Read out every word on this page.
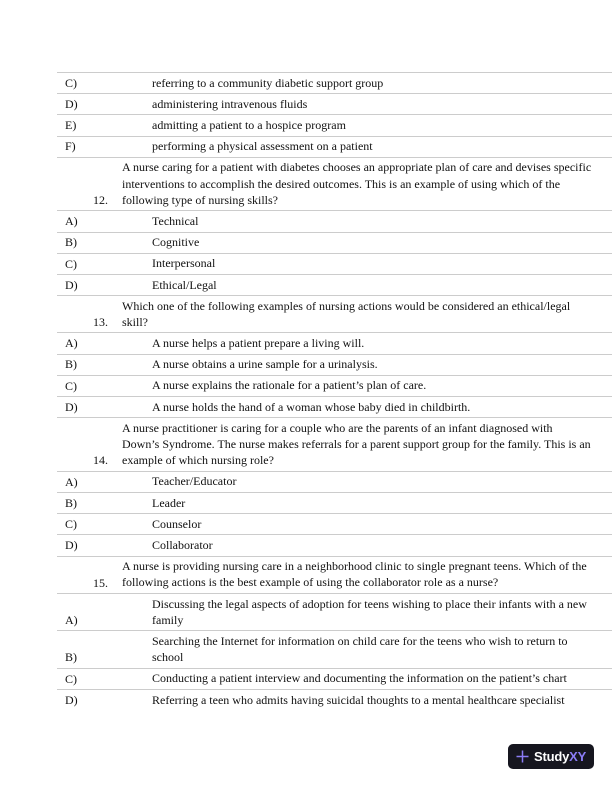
C)	referring to a community diabetic support group

D)	administering intravenous fluids

E)	admitting a patient to a hospice program

F)	performing a physical assessment on a patient

12.	A nurse caring for a patient with diabetes chooses an appropriate plan of care and devises specific
interventions to accomplish the desired outcomes. This is an example of using which of the
following type of nursing skills?

A)	Technical

B)	Cognitive

C)	Interpersonal

D)	Ethical/Legal

13.	Which one of the following examples of nursing actions would be considered an ethical/legal
skill?

A)	A nurse helps a patient prepare a living will.

B)	A nurse obtains a urine sample for a urinalysis.

C)	A nurse explains the rationale for a patient’s plan of care.

D)	A nurse holds the hand of a woman whose baby died in childbirth.

14.	A nurse practitioner is caring for a couple who are the parents of an infant diagnosed with
Down’s Syndrome. The nurse makes referrals for a parent support group for the family. This is an
example of which nursing role?

A)	Teacher/Educator

B)	Leader

C)	Counselor

D)	Collaborator

15.	A nurse is providing nursing care in a neighborhood clinic to single pregnant teens. Which of the
following actions is the best example of using the collaborator role as a nurse?

A)	Discussing the legal aspects of adoption for teens wishing to place their infants with a new
family

B)	Searching the Internet for information on child care for the teens who wish to return to
school

C)	Conducting a patient interview and documenting the information on the patient’s chart

D)	Referring a teen who admits having suicidal thoughts to a mental healthcare specialist
StudyXY
